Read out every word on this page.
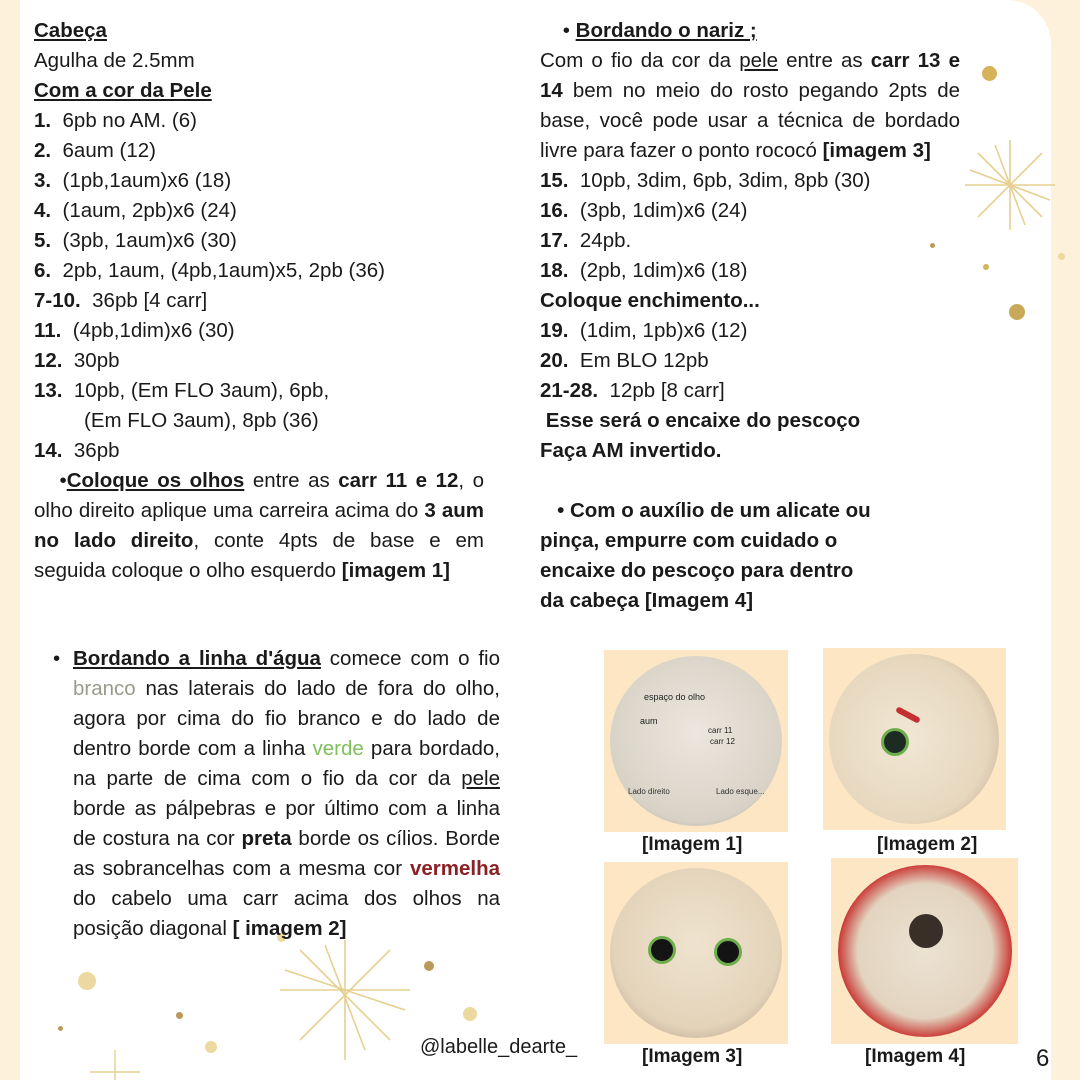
Cabeça
Agulha de 2.5mm
Com a cor da Pele
1. 6pb no AM. (6)
2. 6aum (12)
3. (1pb,1aum)x6 (18)
4. (1aum, 2pb)x6 (24)
5. (3pb, 1aum)x6 (30)
6. 2pb, 1aum, (4pb,1aum)x5, 2pb (36)
7-10. 36pb [4 carr]
11. (4pb,1dim)x6 (30)
12. 30pb
13. 10pb, (Em FLO 3aum), 6pb,
(Em FLO 3aum), 8pb (36)
14. 36pb
•Coloque os olhos entre as carr 11 e 12, o olho direito aplique uma carreira acima do 3 aum no lado direito, conte 4pts de base e em seguida coloque o olho esquerdo [imagem 1]
• Bordando a linha d'água comece com o fio branco nas laterais do lado de fora do olho, agora por cima do fio branco e do lado de dentro borde com a linha verde para bordado, na parte de cima com o fio da cor da pele borde as pálpebras e por último com a linha de costura na cor preta borde os cílios. Borde as sobrancelhas com a mesma cor vermelha do cabelo uma carr acima dos olhos na posição diagonal [ imagem 2]
• Bordando o nariz ;
Com o fio da cor da pele entre as carr 13 e 14 bem no meio do rosto pegando 2pts de base, você pode usar a técnica de bordado livre para fazer o ponto rococó [imagem 3]
15. 10pb, 3dim, 6pb, 3dim, 8pb (30)
16. (3pb, 1dim)x6 (24)
17. 24pb.
18. (2pb, 1dim)x6 (18)
Coloque enchimento...
19. (1dim, 1pb)x6 (12)
20. Em BLO 12pb
21-28. 12pb [8 carr]
Esse será o encaixe do pescoço
Faça AM invertido.
• Com o auxílio de um alicate ou
pinça, empurre com cuidado o
encaixe do pescoço para dentro
da cabeça [Imagem 4]
espaço do olho
aum
carr 11
carr 12
Lado direito	Lado esque...
[Imagem 1]	[Imagem 2]
[Imagem 3]	[Imagem 4]
@labelle_dearte_	6
